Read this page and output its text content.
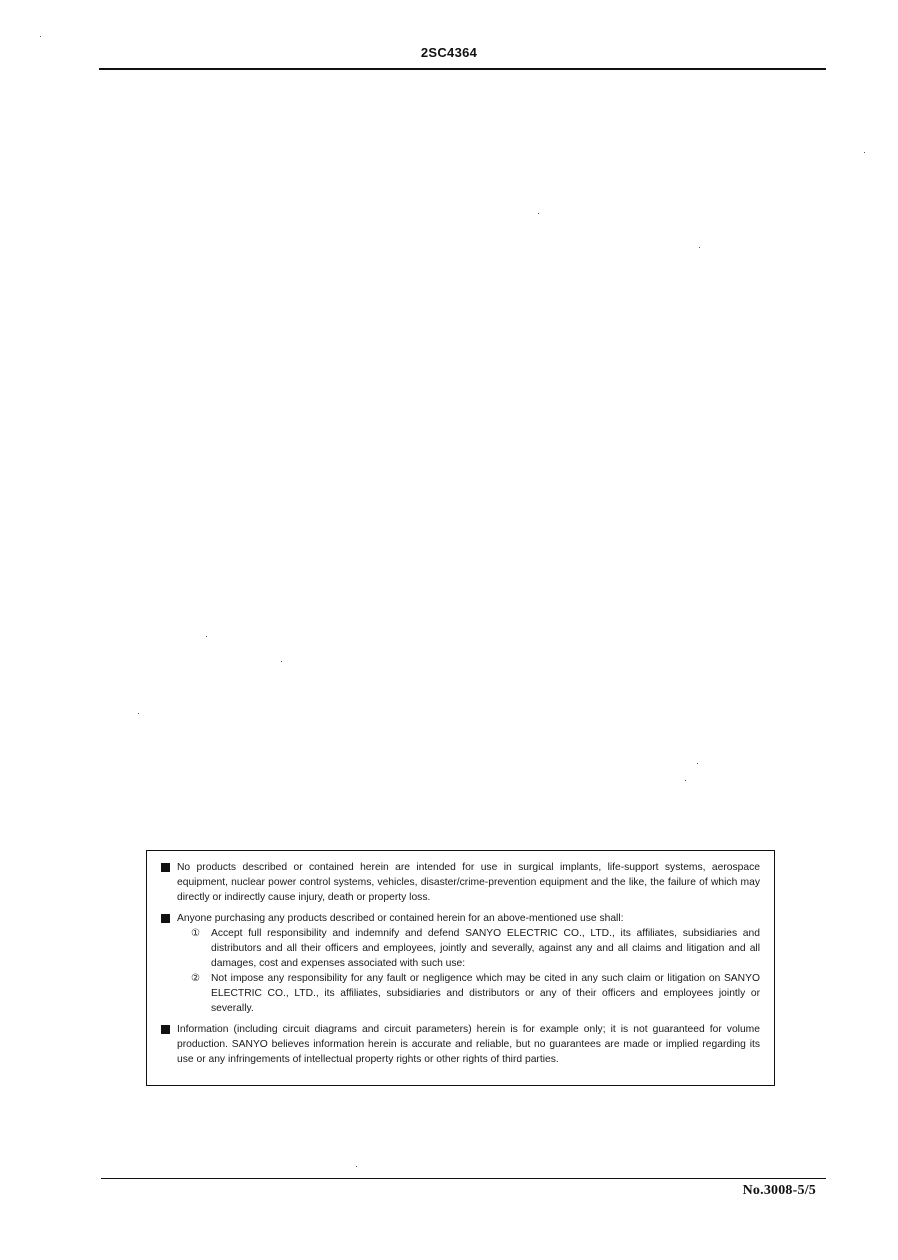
2SC4364

No products described or contained herein are intended for use in surgical implants, life-support systems, aerospace equipment, nuclear power control systems, vehicles, disaster/crime-prevention equipment and the like, the failure of which may directly or indirectly cause injury, death or property loss.

Anyone purchasing any products described or contained herein for an above-mentioned use shall:
① Accept full responsibility and indemnify and defend SANYO ELECTRIC CO., LTD., its affiliates, subsidiaries and distributors and all their officers and employees, jointly and severally, against any and all claims and litigation and all damages, cost and expenses associated with such use:
② Not impose any responsibility for any fault or negligence which may be cited in any such claim or litigation on SANYO ELECTRIC CO., LTD., its affiliates, subsidiaries and distributors or any of their officers and employees jointly or severally.

Information (including circuit diagrams and circuit parameters) herein is for example only; it is not guaranteed for volume production. SANYO believes information herein is accurate and reliable, but no guarantees are made or implied regarding its use or any infringements of intellectual property rights or other rights of third parties.

No.3008-5/5
